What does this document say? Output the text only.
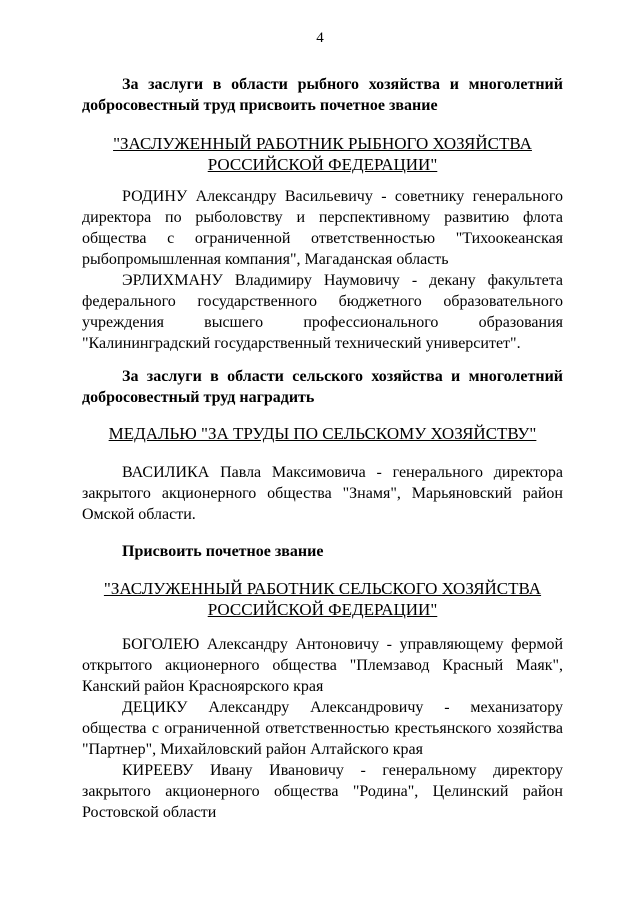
4
За заслуги в области рыбного хозяйства и многолетний добросовестный труд присвоить почетное звание
"ЗАСЛУЖЕННЫЙ РАБОТНИК РЫБНОГО ХОЗЯЙСТВА
РОССИЙСКОЙ ФЕДЕРАЦИИ"
РОДИНУ Александру Васильевичу - советнику генерального директора по рыболовству и перспективному развитию флота общества с ограниченной ответственностью "Тихоокеанская рыбопромышленная компания", Магаданская область
ЭРЛИХМАНУ Владимиру Наумовичу - декану факультета федерального государственного бюджетного образовательного учреждения высшего профессионального образования "Калининградский государственный технический университет".
За заслуги в области сельского хозяйства и многолетний добросовестный труд наградить
МЕДАЛЬЮ "ЗА ТРУДЫ ПО СЕЛЬСКОМУ ХОЗЯЙСТВУ"
ВАСИЛИКА Павла Максимовича - генерального директора закрытого акционерного общества "Знамя", Марьяновский район Омской области.
Присвоить почетное звание
"ЗАСЛУЖЕННЫЙ РАБОТНИК СЕЛЬСКОГО ХОЗЯЙСТВА
РОССИЙСКОЙ ФЕДЕРАЦИИ"
БОГОЛЕЮ Александру Антоновичу - управляющему фермой открытого акционерного общества "Племзавод Красный Маяк", Канский район Красноярского края
ДЕЦИКУ Александру Александровичу - механизатору общества с ограниченной ответственностью крестьянского хозяйства "Партнер", Михайловский район Алтайского края
КИРЕЕВУ Ивану Ивановичу - генеральному директору закрытого акционерного общества "Родина", Целинский район Ростовской области
